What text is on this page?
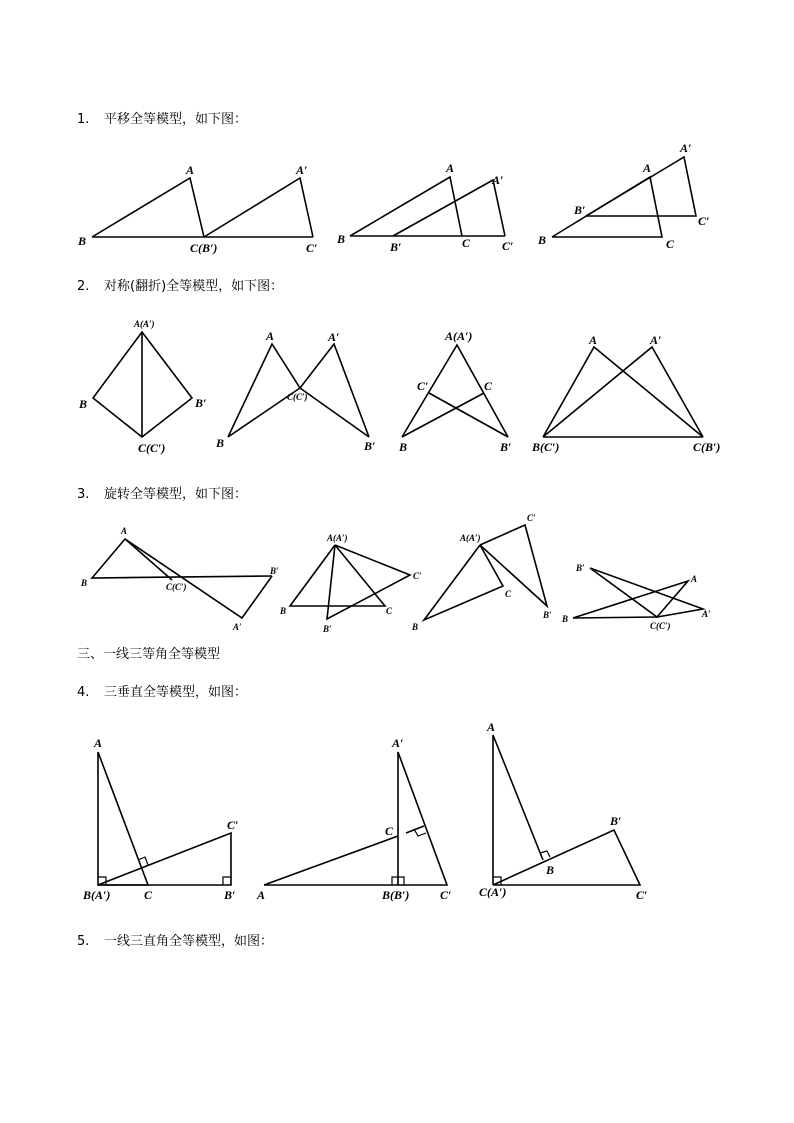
1. 平移全等模型，如下图：
2. 对称(翻折)全等模型，如下图：
3. 旋转全等模型，如下图：
三、一线三等角全等模型
4. 三垂直全等模型，如图：
5. 一线三直角全等模型，如图：
B
A
C(B′)
A′
C′
B
A
A′
B′	C	C′ B
A
A′
B′
C′
C
A(A′)
B	B′
C(C′)
A	A′
C(C′)
B	B′
A(A′)
C′	C
B	B′
A	A′
B(C′)	C(B′)
A
B	C(C′)
B′
A′
A(A′)
C′
B	C
B′
A(A′)
C′
C
B′
B
B′
A
A′
B
C(C′)
A
C′
B(A′)	C	B′
A′
C
A	B(B′)	C′
A
B′
B
C(A′)	C′
